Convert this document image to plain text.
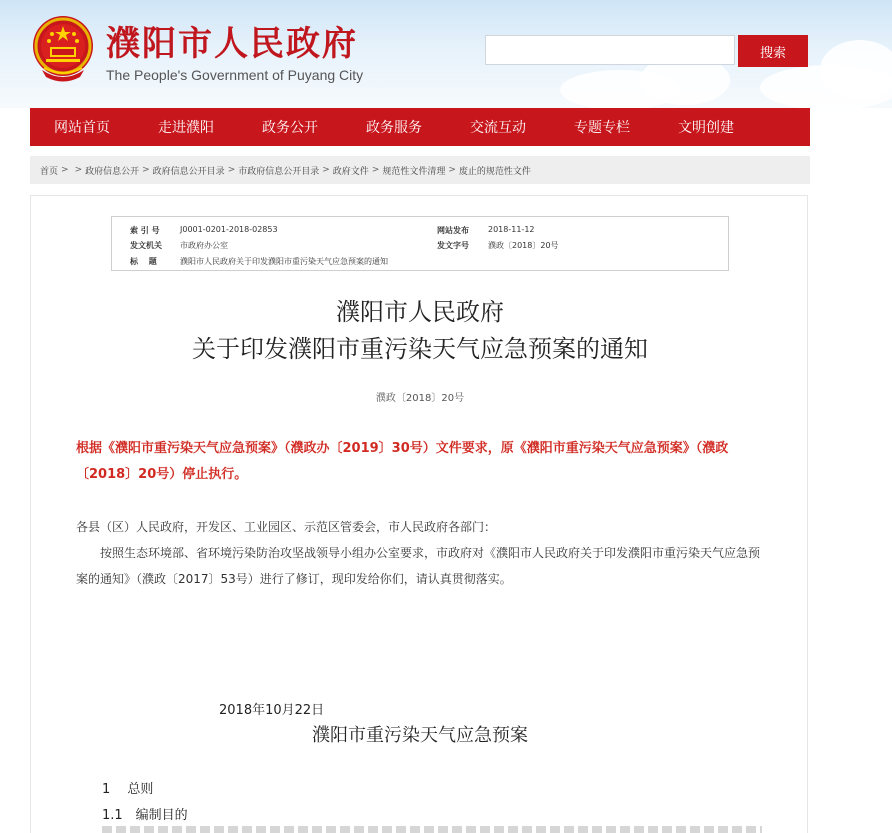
濮阳市人民政府
The People's Government of Puyang City
搜索
网站首页	走进濮阳	政务公开	政务服务	交流互动	专题专栏	文明创建
首页 > > 政府信息公开 > 政府信息公开目录 > 市政府信息公开目录 > 政府文件 > 规范性文件清理 > 废止的规范性文件
索 引 号	J0001-0201-2018-02853	网站发布 2018-11-12
发文机关 市政府办公室	发文字号 濮政〔2018〕20号
标　 题	濮阳市人民政府关于印发濮阳市重污染天气应急预案的通知
濮阳市人民政府
关于印发濮阳市重污染天气应急预案的通知
濮政〔2018〕20号
根据《濮阳市重污染天气应急预案》（濮政办〔2019〕30号）文件要求，原《濮阳市重污染天气应急预案》（濮政〔2018〕20号）停止执行。
各县（区）人民政府，开发区、工业园区、示范区管委会，市人民政府各部门：
　　按照生态环境部、省环境污染防治攻坚战领导小组办公室要求，市政府对《濮阳市人民政府关于印发濮阳市重污染天气应急预案的通知》（濮政〔2017〕53号）进行了修订，现印发给你们，请认真贯彻落实。
2018年10月22日
濮阳市重污染天气应急预案
1　 总则
1.1　编制目的
